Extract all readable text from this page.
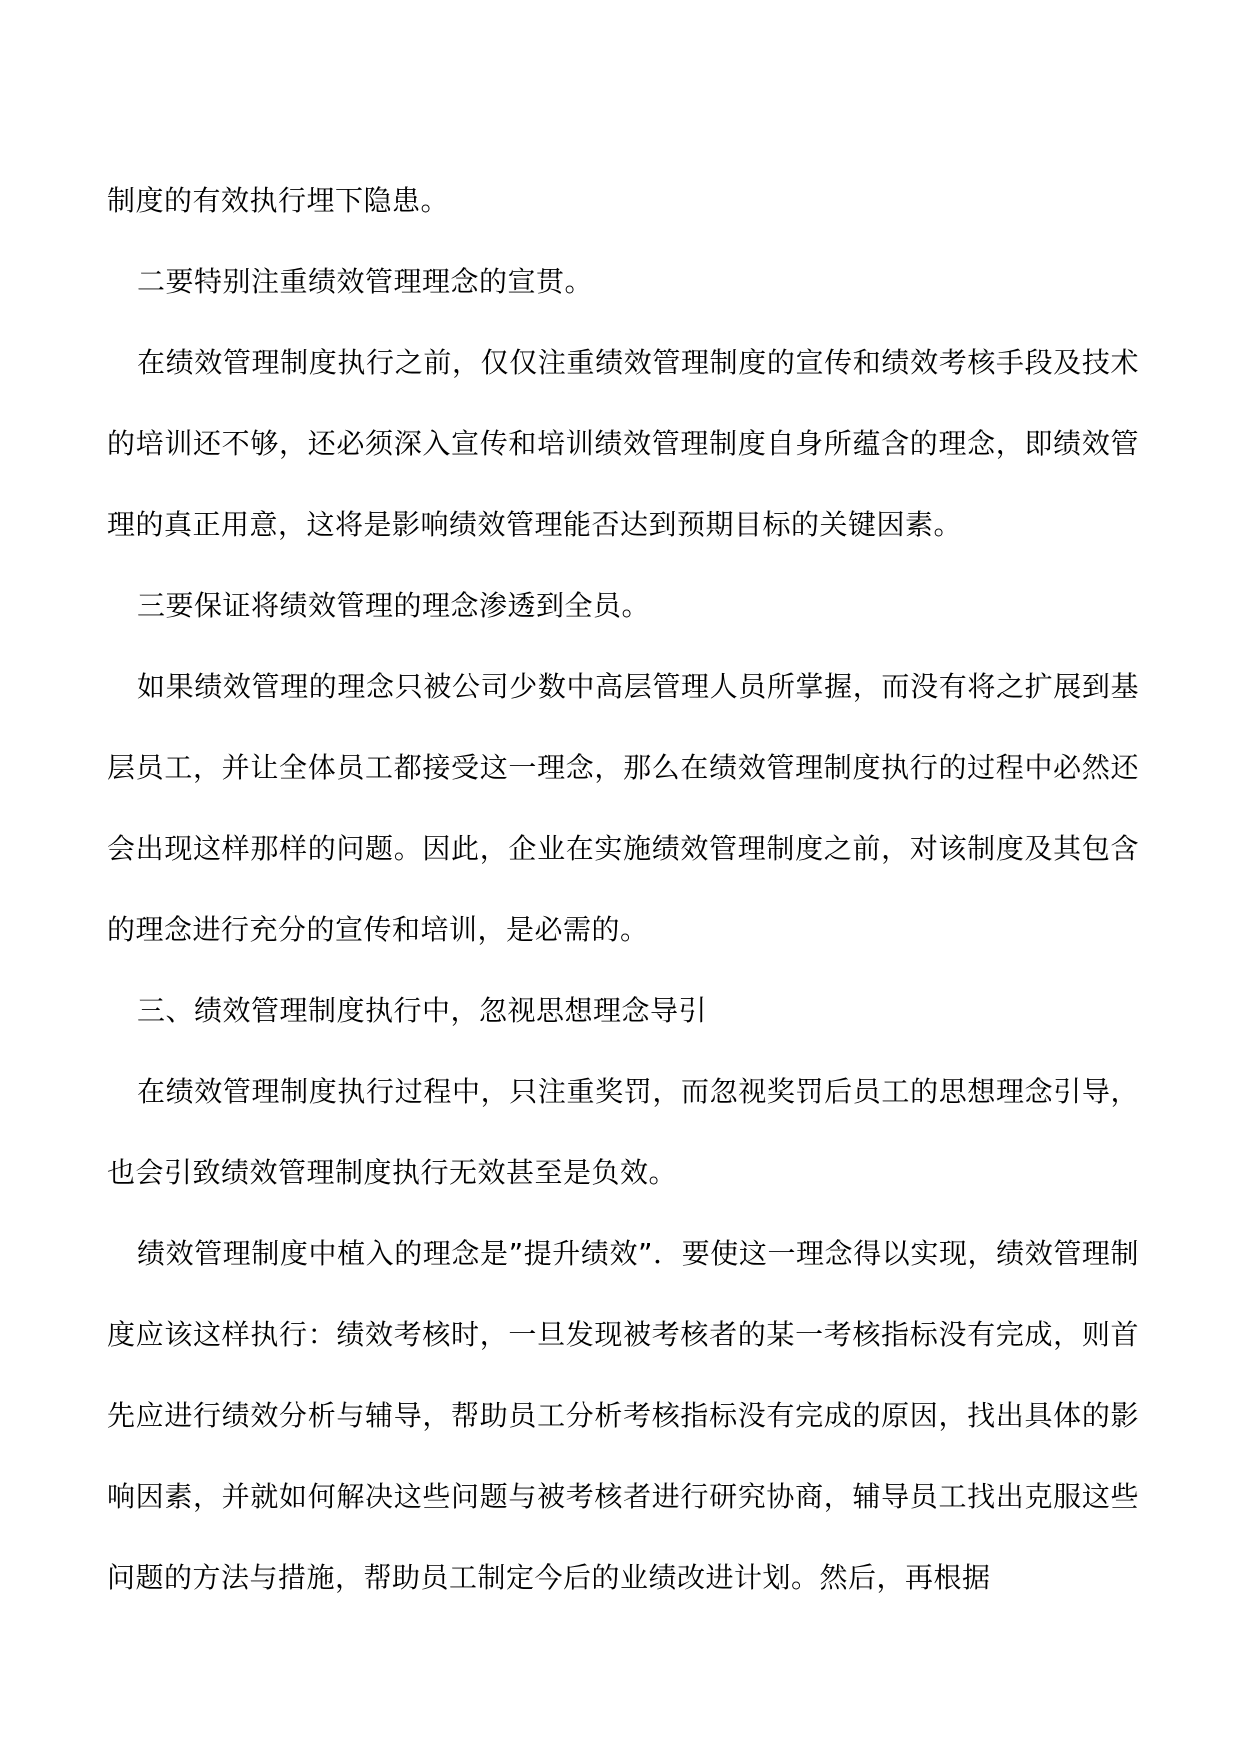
制度的有效执行埋下隐患。

二要特别注重绩效管理理念的宣贯。

在绩效管理制度执行之前，仅仅注重绩效管理制度的宣传和绩效考核手段及技术的培训还不够，还必须深入宣传和培训绩效管理制度自身所蕴含的理念，即绩效管理的真正用意，这将是影响绩效管理能否达到预期目标的关键因素。

三要保证将绩效管理的理念渗透到全员。

如果绩效管理的理念只被公司少数中高层管理人员所掌握，而没有将之扩展到基层员工，并让全体员工都接受这一理念，那么在绩效管理制度执行的过程中必然还会出现这样那样的问题。因此，企业在实施绩效管理制度之前，对该制度及其包含的理念进行充分的宣传和培训，是必需的。

三、绩效管理制度执行中，忽视思想理念导引

在绩效管理制度执行过程中，只注重奖罚，而忽视奖罚后员工的思想理念引导，也会引致绩效管理制度执行无效甚至是负效。

绩效管理制度中植入的理念是”提升绩效”．要使这一理念得以实现，绩效管理制度应该这样执行：绩效考核时，一旦发现被考核者的某一考核指标没有完成，则首先应进行绩效分析与辅导，帮助员工分析考核指标没有完成的原因，找出具体的影响因素，并就如何解决这些问题与被考核者进行研究协商，辅导员工找出克服这些问题的方法与措施，帮助员工制定今后的业绩改进计划。然后，再根据
